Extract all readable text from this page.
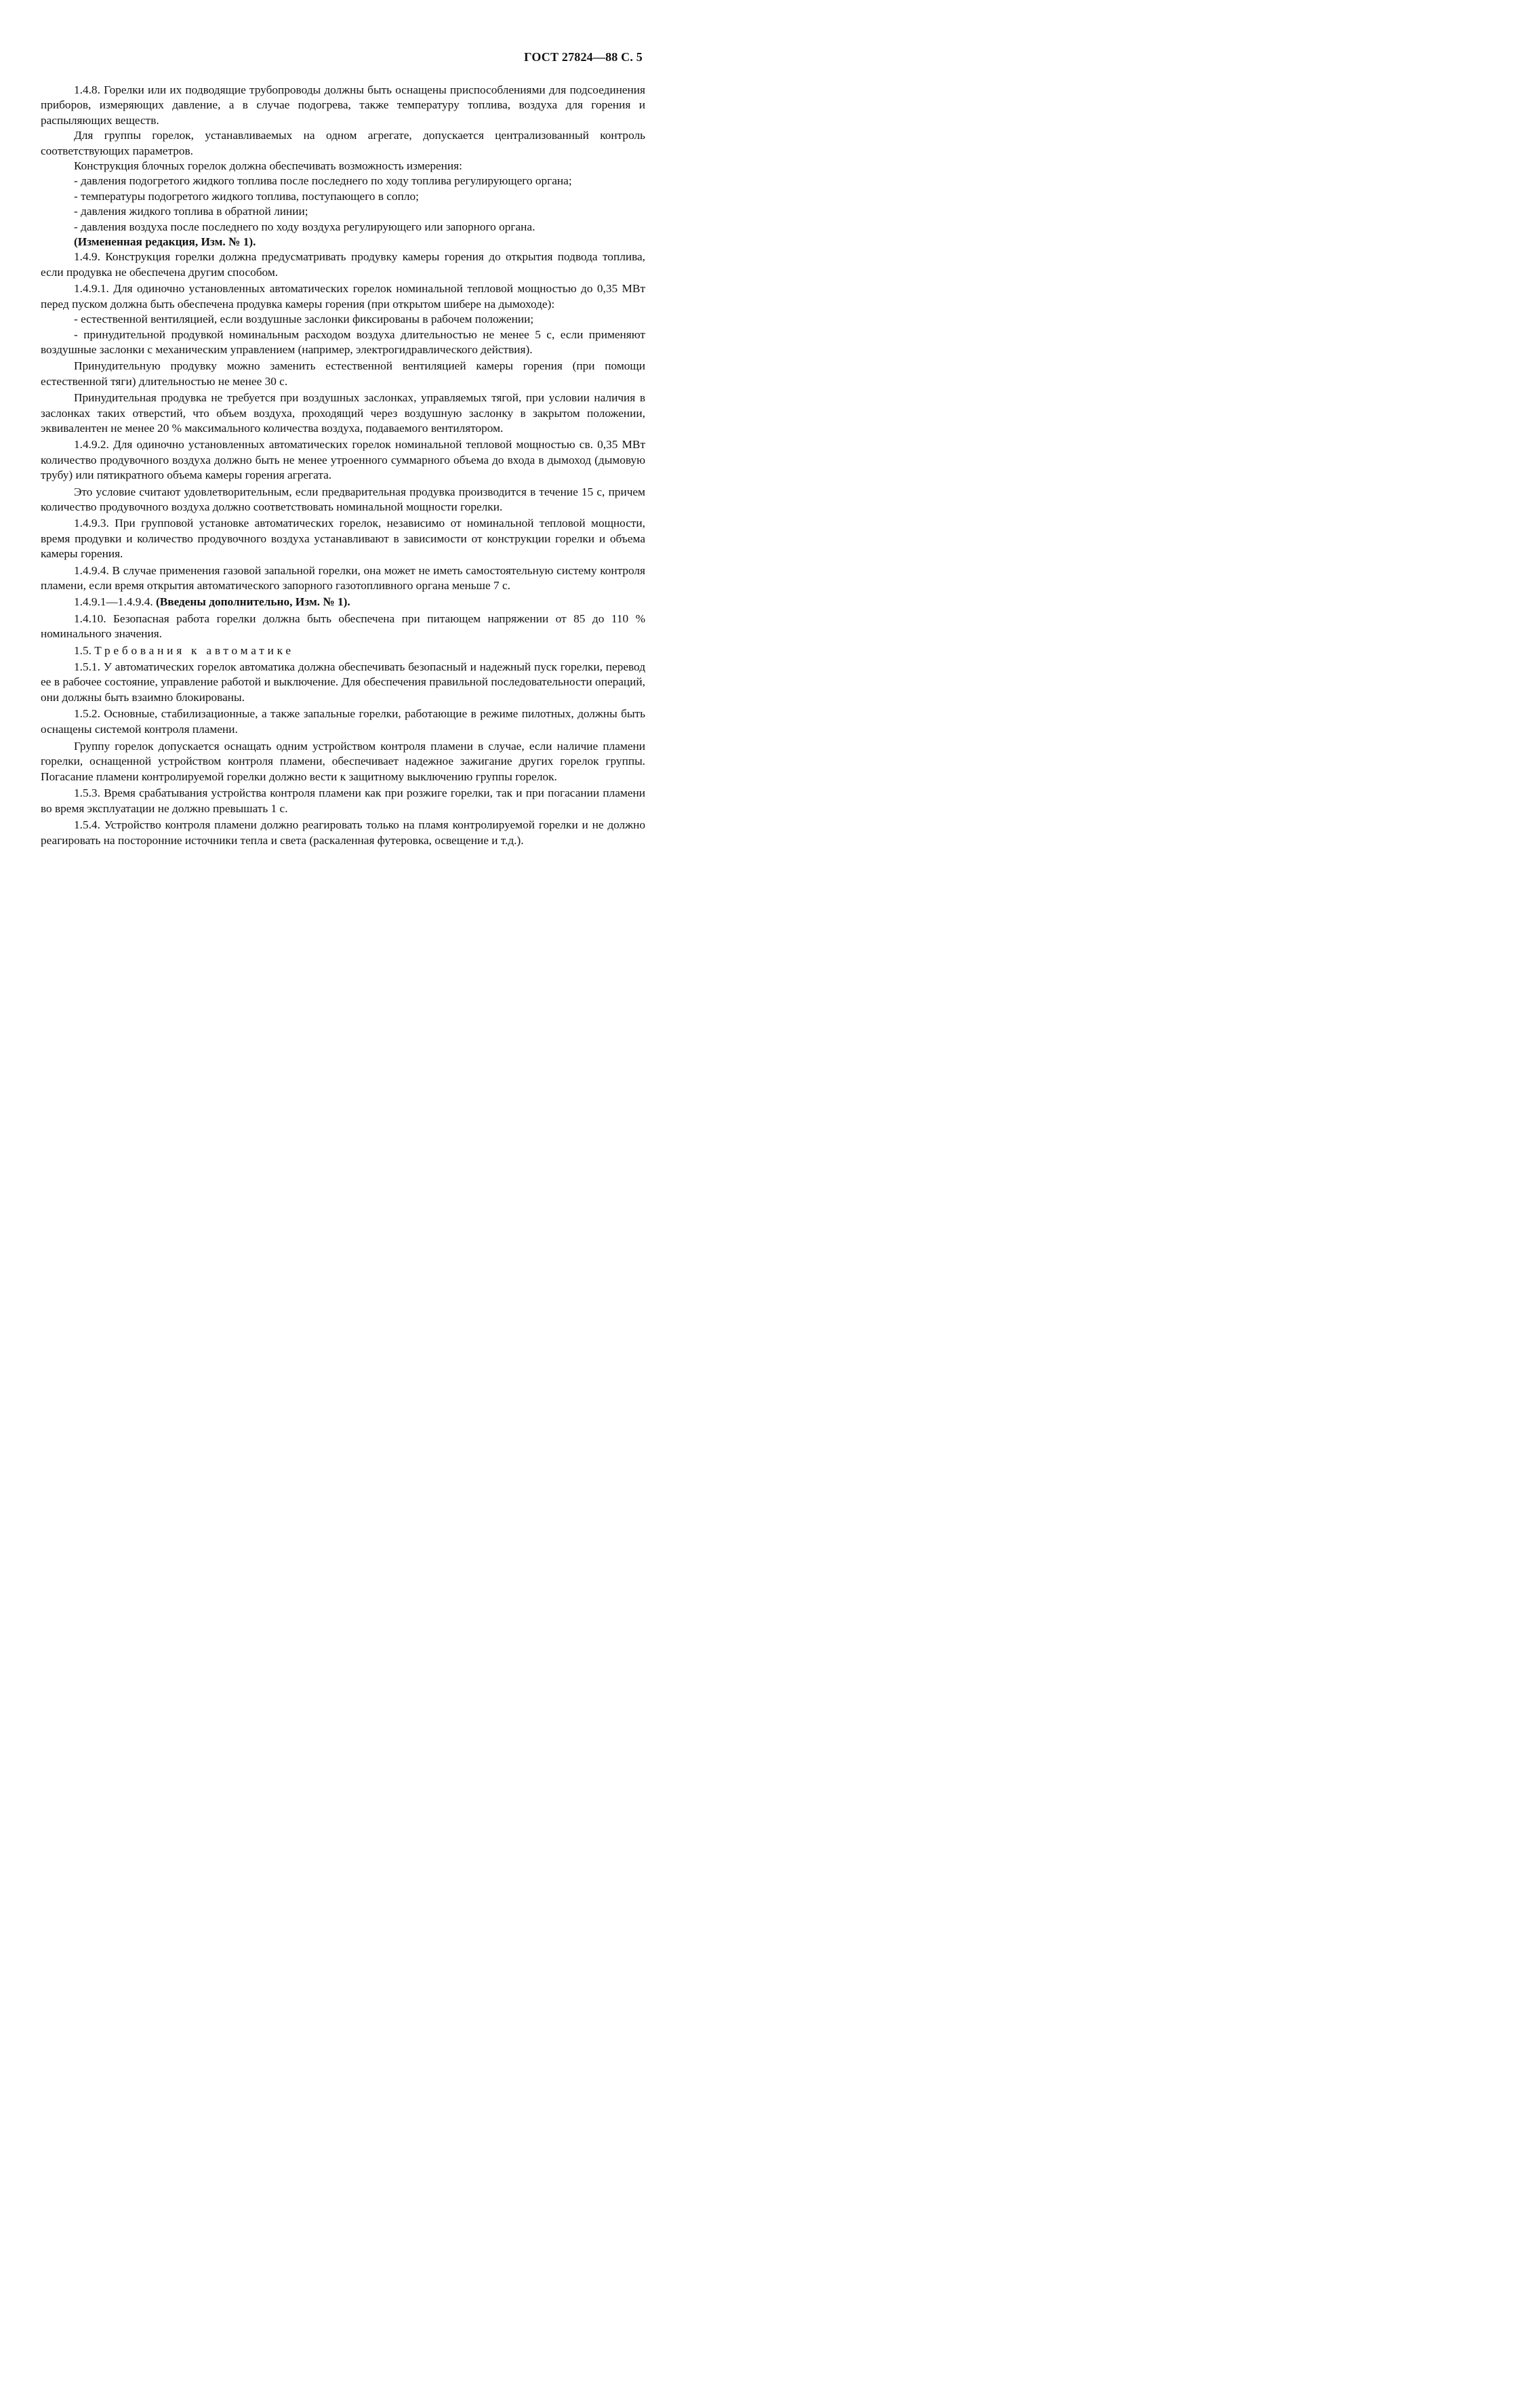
ГОСТ 27824—88 С. 5

1.4.8. Горелки или их подводящие трубопроводы должны быть оснащены приспособлениями для подсоединения приборов, измеряющих давление, а в случае подогрева, также температуру топлива, воздуха для горения и распыляющих веществ.

Для группы горелок, устанавливаемых на одном агрегате, допускается централизованный контроль соответствующих параметров.

Конструкция блочных горелок должна обеспечивать возможность измерения:

- давления подогретого жидкого топлива после последнего по ходу топлива регулирующего органа;

- температуры подогретого жидкого топлива, поступающего в сопло;

- давления жидкого топлива в обратной линии;

- давления воздуха после последнего по ходу воздуха регулирующего или запорного органа.

(Измененная редакция, Изм. № 1).

1.4.9. Конструкция горелки должна предусматривать продувку камеры горения до открытия подвода топлива, если продувка не обеспечена другим способом.

1.4.9.1. Для одиночно установленных автоматических горелок номинальной тепловой мощностью до 0,35 МВт перед пуском должна быть обеспечена продувка камеры горения (при открытом шибере на дымоходе):

- естественной вентиляцией, если воздушные заслонки фиксированы в рабочем положении;

- принудительной продувкой номинальным расходом воздуха длительностью не менее 5 с, если применяют воздушные заслонки с механическим управлением (например, электрогидравлического действия).

Принудительную продувку можно заменить естественной вентиляцией камеры горения (при помощи естественной тяги) длительностью не менее 30 с.

Принудительная продувка не требуется при воздушных заслонках, управляемых тягой, при условии наличия в заслонках таких отверстий, что объем воздуха, проходящий через воздушную заслонку в закрытом положении, эквивалентен не менее 20 % максимального количества воздуха, подаваемого вентилятором.

1.4.9.2. Для одиночно установленных автоматических горелок номинальной тепловой мощностью св. 0,35 МВт количество продувочного воздуха должно быть не менее утроенного суммарного объема до входа в дымоход (дымовую трубу) или пятикратного объема камеры горения агрегата.

Это условие считают удовлетворительным, если предварительная продувка производится в течение 15 с, причем количество продувочного воздуха должно соответствовать номинальной мощности горелки.

1.4.9.3. При групповой установке автоматических горелок, независимо от номинальной тепловой мощности, время продувки и количество продувочного воздуха устанавливают в зависимости от конструкции горелки и объема камеры горения.

1.4.9.4. В случае применения газовой запальной горелки, она может не иметь самостоятельную систему контроля пламени, если время открытия автоматического запорного газотопливного органа меньше 7 с.

1.4.9.1—1.4.9.4. (Введены дополнительно, Изм. № 1).

1.4.10. Безопасная работа горелки должна быть обеспечена при питающем напряжении от 85 до 110 % номинального значения.

1.5. Требования к автоматике

1.5.1. У автоматических горелок автоматика должна обеспечивать безопасный и надежный пуск горелки, перевод ее в рабочее состояние, управление работой и выключение. Для обеспечения правильной последовательности операций, они должны быть взаимно блокированы.

1.5.2. Основные, стабилизационные, а также запальные горелки, работающие в режиме пилотных, должны быть оснащены системой контроля пламени.

Группу горелок допускается оснащать одним устройством контроля пламени в случае, если наличие пламени горелки, оснащенной устройством контроля пламени, обеспечивает надежное зажигание других горелок группы. Погасание пламени контролируемой горелки должно вести к защитному выключению группы горелок.

1.5.3. Время срабатывания устройства контроля пламени как при розжиге горелки, так и при погасании пламени во время эксплуатации не должно превышать 1 с.

1.5.4. Устройство контроля пламени должно реагировать только на пламя контролируемой горелки и не должно реагировать на посторонние источники тепла и света (раскаленная футеровка, освещение и т.д.).
